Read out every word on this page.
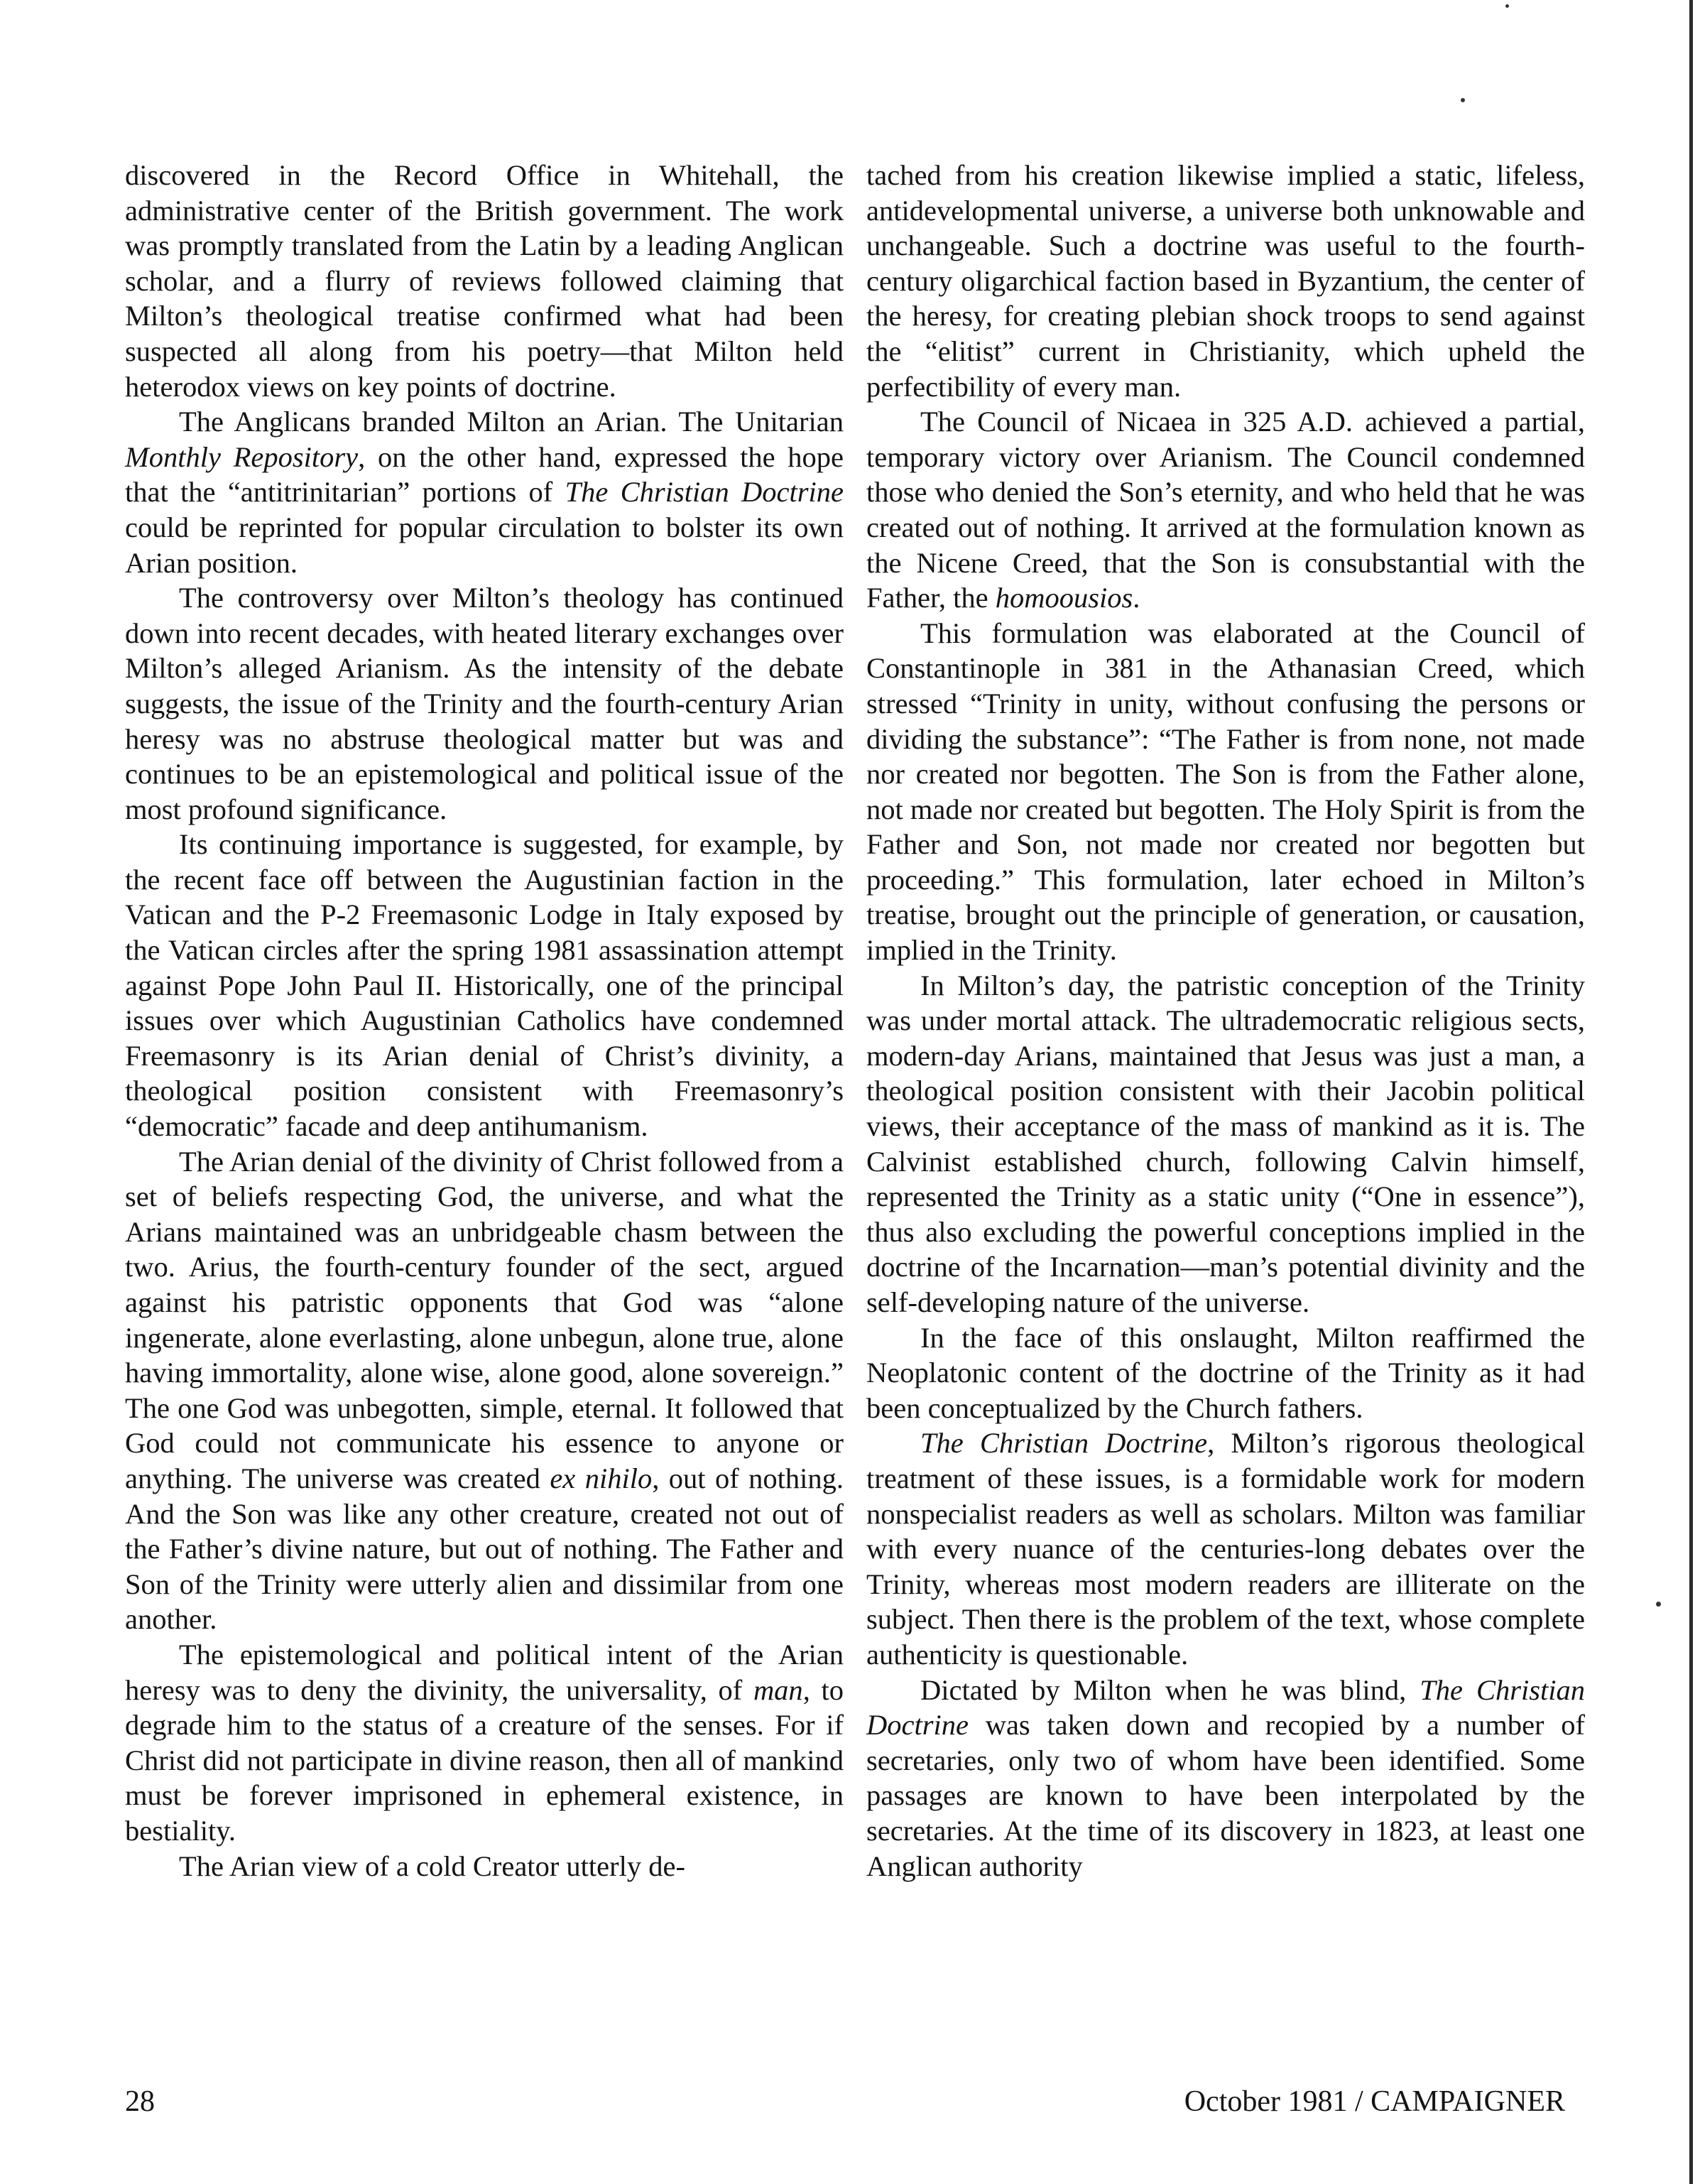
discovered in the Record Office in Whitehall, the administrative center of the British government. The work was promptly translated from the Latin by a leading Anglican scholar, and a flurry of reviews followed claiming that Milton’s theological treatise confirmed what had been suspected all along from his poetry—that Milton held heterodox views on key points of doctrine.

The Anglicans branded Milton an Arian. The Unitarian Monthly Repository, on the other hand, expressed the hope that the “antitrinitarian” portions of The Christian Doctrine could be reprinted for popular circulation to bolster its own Arian position.

The controversy over Milton’s theology has continued down into recent decades, with heated literary exchanges over Milton’s alleged Arianism. As the intensity of the debate suggests, the issue of the Trinity and the fourth-century Arian heresy was no abstruse theological matter but was and continues to be an epistemological and political issue of the most profound significance.

Its continuing importance is suggested, for example, by the recent face off between the Augustinian faction in the Vatican and the P-2 Freemasonic Lodge in Italy exposed by the Vatican circles after the spring 1981 assassination attempt against Pope John Paul II. Historically, one of the principal issues over which Augustinian Catholics have condemned Freemasonry is its Arian denial of Christ’s divinity, a theological position consistent with Freemasonry’s “democratic” facade and deep antihumanism.

The Arian denial of the divinity of Christ followed from a set of beliefs respecting God, the universe, and what the Arians maintained was an unbridgeable chasm between the two. Arius, the fourth-century founder of the sect, argued against his patristic opponents that God was “alone ingenerate, alone everlasting, alone unbegun, alone true, alone having immortality, alone wise, alone good, alone sovereign.” The one God was unbegotten, simple, eternal. It followed that God could not communicate his essence to anyone or anything. The universe was created ex nihilo, out of nothing. And the Son was like any other creature, created not out of the Father’s divine nature, but out of nothing. The Father and Son of the Trinity were utterly alien and dissimilar from one another.

The epistemological and political intent of the Arian heresy was to deny the divinity, the universality, of man, to degrade him to the status of a creature of the senses. For if Christ did not participate in divine reason, then all of mankind must be forever imprisoned in ephemeral existence, in bestiality.

The Arian view of a cold Creator utterly de-

tached from his creation likewise implied a static, lifeless, antidevelopmental universe, a universe both unknowable and unchangeable. Such a doctrine was useful to the fourth-century oligarchical faction based in Byzantium, the center of the heresy, for creating plebian shock troops to send against the “elitist” current in Christianity, which upheld the perfectibility of every man.

The Council of Nicaea in 325 A.D. achieved a partial, temporary victory over Arianism. The Council condemned those who denied the Son’s eternity, and who held that he was created out of nothing. It arrived at the formulation known as the Nicene Creed, that the Son is consubstantial with the Father, the homoousios.

This formulation was elaborated at the Council of Constantinople in 381 in the Athanasian Creed, which stressed “Trinity in unity, without confusing the persons or dividing the substance”: “The Father is from none, not made nor created nor begotten. The Son is from the Father alone, not made nor created but begotten. The Holy Spirit is from the Father and Son, not made nor created nor begotten but proceeding.” This formulation, later echoed in Milton’s treatise, brought out the principle of generation, or causation, implied in the Trinity.

In Milton’s day, the patristic conception of the Trinity was under mortal attack. The ultrademocratic religious sects, modern-day Arians, maintained that Jesus was just a man, a theological position consistent with their Jacobin political views, their acceptance of the mass of mankind as it is. The Calvinist established church, following Calvin himself, represented the Trinity as a static unity (“One in essence”), thus also excluding the powerful conceptions implied in the doctrine of the Incarnation—man’s potential divinity and the self-developing nature of the universe.

In the face of this onslaught, Milton reaffirmed the Neoplatonic content of the doctrine of the Trinity as it had been conceptualized by the Church fathers.

The Christian Doctrine, Milton’s rigorous theological treatment of these issues, is a formidable work for modern nonspecialist readers as well as scholars. Milton was familiar with every nuance of the centuries-long debates over the Trinity, whereas most modern readers are illiterate on the subject. Then there is the problem of the text, whose complete authenticity is questionable.

Dictated by Milton when he was blind, The Christian Doctrine was taken down and recopied by a number of secretaries, only two of whom have been identified. Some passages are known to have been interpolated by the secretaries. At the time of its discovery in 1823, at least one Anglican authority

28	October 1981 / CAMPAIGNER
